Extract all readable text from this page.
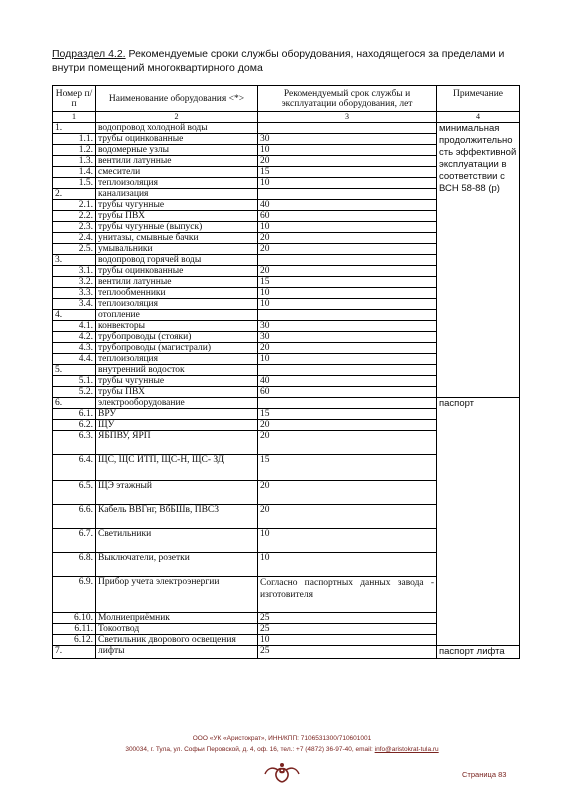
Подраздел 4.2. Рекомендуемые сроки службы оборудования, находящегося за пределами и внутри помещений многоквартирного дома
Номер п/п	Наименование оборудования <*>	Рекомендуемый срок службы и эксплуатации оборудования, лет	Примечание
1	2	3	4
1.	водопровод холодной воды		минимальная продолжительно сть эффективной эксплуатации в соответствии с ВСН 58-88 (р)
1.1.	трубы оцинкованные	30	
1.2.	водомерные узлы	10	
1.3.	вентили латунные	20	
1.4.	смесители	15	
1.5.	теплоизоляция	10	
2.	канализация		
2.1.	трубы чугунные	40	
2.2.	трубы ПВХ	60	
2.3.	трубы чугунные (выпуск)	10	
2.4.	унитазы, смывные бачки	20	
2.5.	умывальники	20	
3.	водопровод горячей воды		
3.1.	трубы оцинкованные	20	
3.2.	вентили латунные	15	
3.3.	теплообменники	10	
3.4.	теплоизоляция	10	
4.	отопление		
4.1.	конвекторы	30	
4.2.	трубопроводы (стояки)	30	
4.3.	трубопроводы (магистрали)	20	
4.4.	теплоизоляция	10	
5.	внутренний водосток		
5.1.	трубы чугунные	40	
5.2.	трубы ПВХ	60	
6.	электрооборудование		паспорт
6.1.	ВРУ	15	
6.2.	ЩУ	20	
6.3.	ЯБПВУ, ЯРП	20	
6.4.	ЩС, ЩС ИТП, ЩС-Н, ЩС- ЗД	15	
6.5.	ЩЭ этажный	20	
6.6.	Кабель ВВГнг, ВбБШв, ПВС3	20	
6.7.	Светильники	10	
6.8.	Выключатели, розетки	10	
6.9.	Прибор учета электроэнергии	Согласно паспортных данных завода - изготовителя	
6.10.	Молниеприёмник	25	
6.11.	Токоотвод	25	
6.12.	Светильник дворового освещения	10	
7.	лифты	25	паспорт лифта
ООО «УК «Аристократ», ИНН/КПП: 7106531300/710601001
300034, г. Тула, ул. Софьи Перовской, д. 4, оф. 16, тел.: +7 (4872) 36-97-40, email: info@aristokrat-tula.ru
Страница 83
